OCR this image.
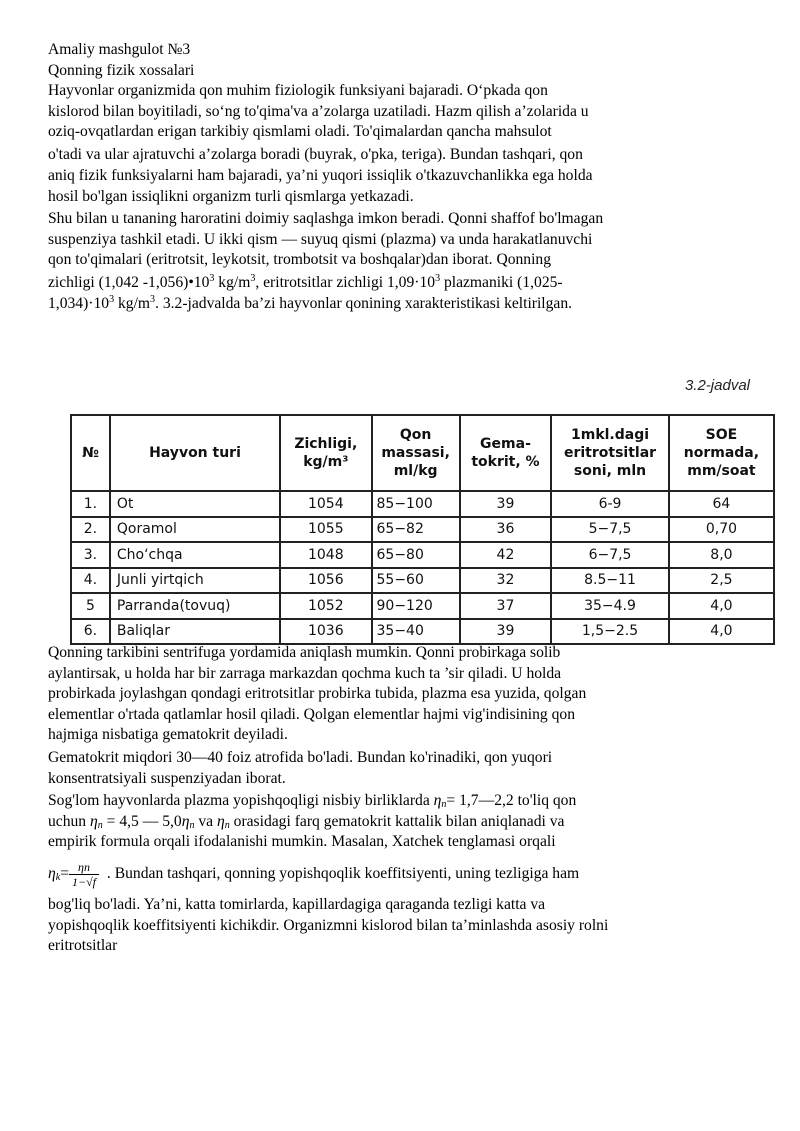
Amaliy mashgulot №3
Qonning fizik xossalari
Hayvonlar organizmida qon muhim fiziologik funksiyani bajaradi. O‘pkada qon
kislorod bilan boyitiladi, so‘ng to'qima'va a’zolarga uzatiladi. Hazm qilish a’zolarida u
oziq-ovqatlardan erigan tarkibiy qismlami oladi. To'qimalardan qancha mahsulot
o'tadi va ular ajratuvchi a’zolarga boradi (buyrak, o'pka, teriga). Bundan tashqari, qon
aniq fizik funksiyalarni ham bajaradi, ya’ni yuqori issiqlik o'tkazuvchanlikka ega holda
hosil bo'lgan issiqlikni organizm turli qismlarga yetkazadi.
Shu bilan u tananing haroratini doimiy saqlashga imkon beradi. Qonni shaffof bo'lmagan
suspenziya tashkil etadi. U ikki qism — suyuq qismi (plazma) va unda harakatlanuvchi
qon to'qimalari (eritrotsit, leykotsit, trombotsit va boshqalar)dan iborat. Qonning
zichligi (1,042 $-1,056)•10^3$ $kg/m^3$, eritrotsitlar zichligi $1,09\cdot 10^3$ plazmaniki (1,025-
$1,034)\cdot 10^3$ $kg/m^3$. 3.2-jadvalda ba’zi hayvonlar qonining xarakteristikasi keltirilgan.
3.2-jadval
№	Hayvon turi	Zichligi, kg/m³	Qon massasi, ml/kg	Gema-tokrit, %	1mkl.dagi eritrotsitlar soni, mln	SOE normada, mm/soat
1.	Ot	1054	85−100	39	6-9	64
2.	Qoramol	1055	65−82	36	5−7,5	0,70
3.	Cho‘chqa	1048	65−80	42	6−7,5	8,0
4.	Junli yirtqich	1056	55−60	32	8.5−11	2,5
5	Parranda(tovuq)	1052	90−120	37	35−4.9	4,0
6.	Baliqlar	1036	35−40	39	1,5−2.5	4,0
Qonning tarkibini sentrifuga yordamida aniqlash mumkin. Qonni probirkaga solib
aylantirsak, u holda har bir zarraga markazdan qochma kuch ta ’sir qiladi. U holda
probirkada joylashgan qondagi eritrotsitlar probirka tubida, plazma esa yuzida, qolgan
elementlar o'rtada qatlamlar hosil qiladi. Qolgan elementlar hajmi vig'indisining qon
hajmiga nisbatiga gematokrit deyiladi.
Gematokrit miqdori 30—40 foiz atrofida bo'ladi. Bundan ko'rinadiki, qon yuqori
konsentratsiyali suspenziyadan iborat.
Sog'lom hayvonlarda plazma yopishqoqligi nisbiy birliklarda $\eta_n=$ 1,7—2,2 to'liq qon
uchun $\eta_n = 4,5$ — $5,0\eta_n$ va $\eta_n$ orasidagi farq gematokrit kattalik bilan aniqlanadi va
empirik formula orqali ifodalanishi mumkin. Masalan, Xatchek tenglamasi orqali
$\eta_k= \frac{\eta n}{1-√f}$ . Bundan tashqari, qonning yopishqoqlik koeffitsiyenti, uning tezligiga ham
bog'liq bo'ladi. Ya’ni, katta tomirlarda, kapillardagiga qaraganda tezligi katta va
yopishqoqlik koeffitsiyenti kichikdir. Organizmni kislorod bilan ta’minlashda asosiy rolni
eritrotsitlar
